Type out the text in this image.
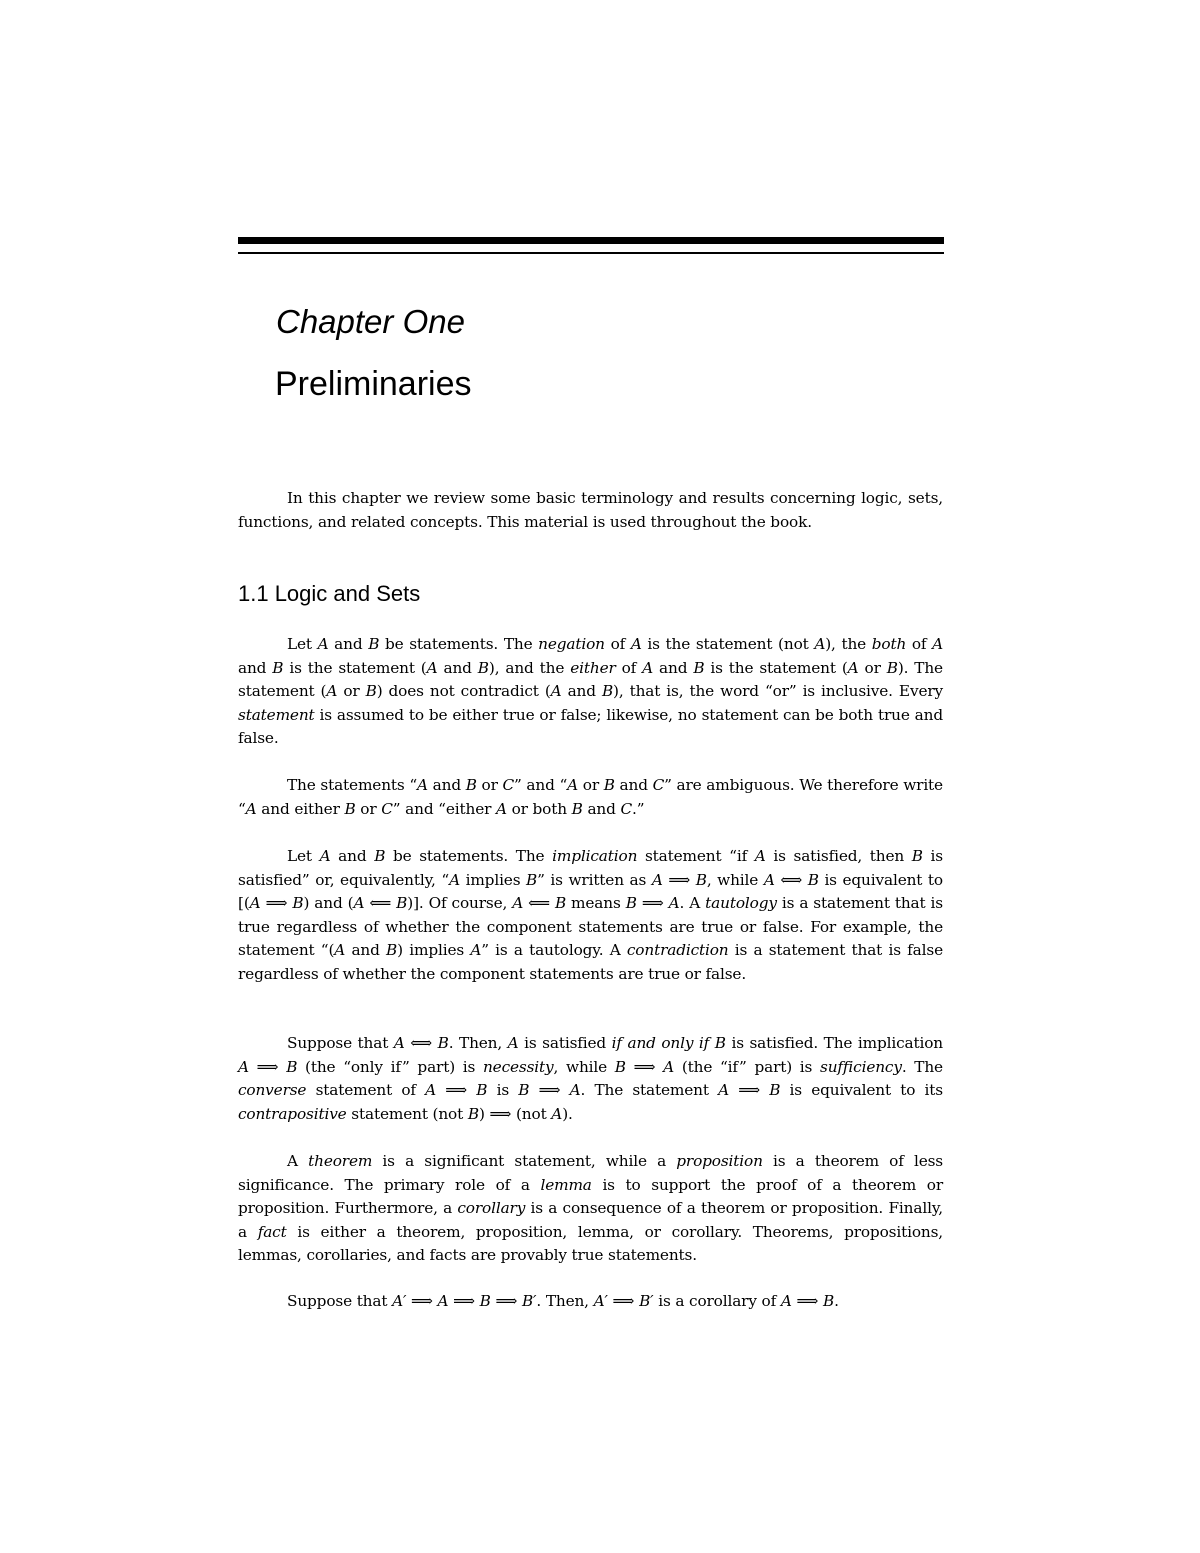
Chapter One
Preliminaries

In this chapter we review some basic terminology and results concerning logic, sets, functions, and related concepts. This material is used throughout the book.

1.1 Logic and Sets

Let A and B be statements. The negation of A is the statement (not A), the both of A and B is the statement (A and B), and the either of A and B is the statement (A or B). The statement (A or B) does not contradict (A and B), that is, the word “or” is inclusive. Every statement is assumed to be either true or false; likewise, no statement can be both true and false.

The statements “A and B or C” and “A or B and C” are ambiguous. We therefore write “A and either B or C” and “either A or both B and C.”

Let A and B be statements. The implication statement “if A is satisfied, then B is satisfied” or, equivalently, “A implies B” is written as A ⟹ B, while A ⟺ B is equivalent to [(A ⟹ B) and (A ⟸ B)]. Of course, A ⟸ B means B ⟹ A. A tautology is a statement that is true regardless of whether the component statements are true or false. For example, the statement “(A and B) implies A” is a tautology. A contradiction is a statement that is false regardless of whether the component statements are true or false.

Suppose that A ⟺ B. Then, A is satisfied if and only if B is satisfied. The implication A ⟹ B (the “only if” part) is necessity, while B ⟹ A (the “if” part) is sufficiency. The converse statement of A ⟹ B is B ⟹ A. The statement A ⟹ B is equivalent to its contrapositive statement (not B) ⟹ (not A).

A theorem is a significant statement, while a proposition is a theorem of less significance. The primary role of a lemma is to support the proof of a theorem or proposition. Furthermore, a corollary is a consequence of a theorem or proposition. Finally, a fact is either a theorem, proposition, lemma, or corollary. Theorems, propositions, lemmas, corollaries, and facts are provably true statements.

Suppose that A′ ⟹ A ⟹ B ⟹ B′. Then, A′ ⟹ B′ is a corollary of A ⟹ B.
